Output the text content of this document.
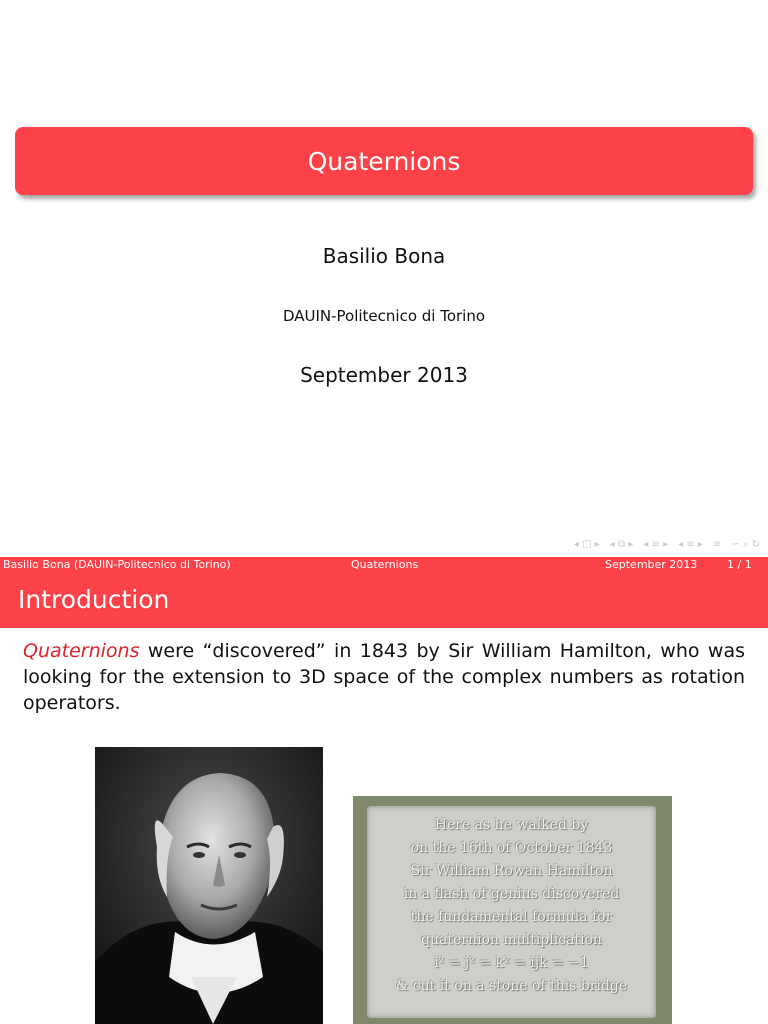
Quaternions
Basilio Bona
DAUIN-Politecnico di Torino
September 2013
◂ □ ▸ ◂ ⧉ ▸ ◂ ≡ ▸ ◂ ≡ ▸ ≡ ∽ ⌕ ↻
Basilio Bona (DAUIN-Politecnico di Torino)	Quaternions	September 2013	1 / 1
Introduction
Quaternions were “discovered” in 1843 by Sir William Hamilton, who was looking for the extension to 3D space of the complex numbers as rotation operators.
Here as he walked by
on the 16th of October 1843
Sir William Rowan Hamilton
in a flash of genius discovered
the fundamental formula for
quaternion multiplication
i² = j² = k² = ijk = −1
& cut it on a stone of this bridge
